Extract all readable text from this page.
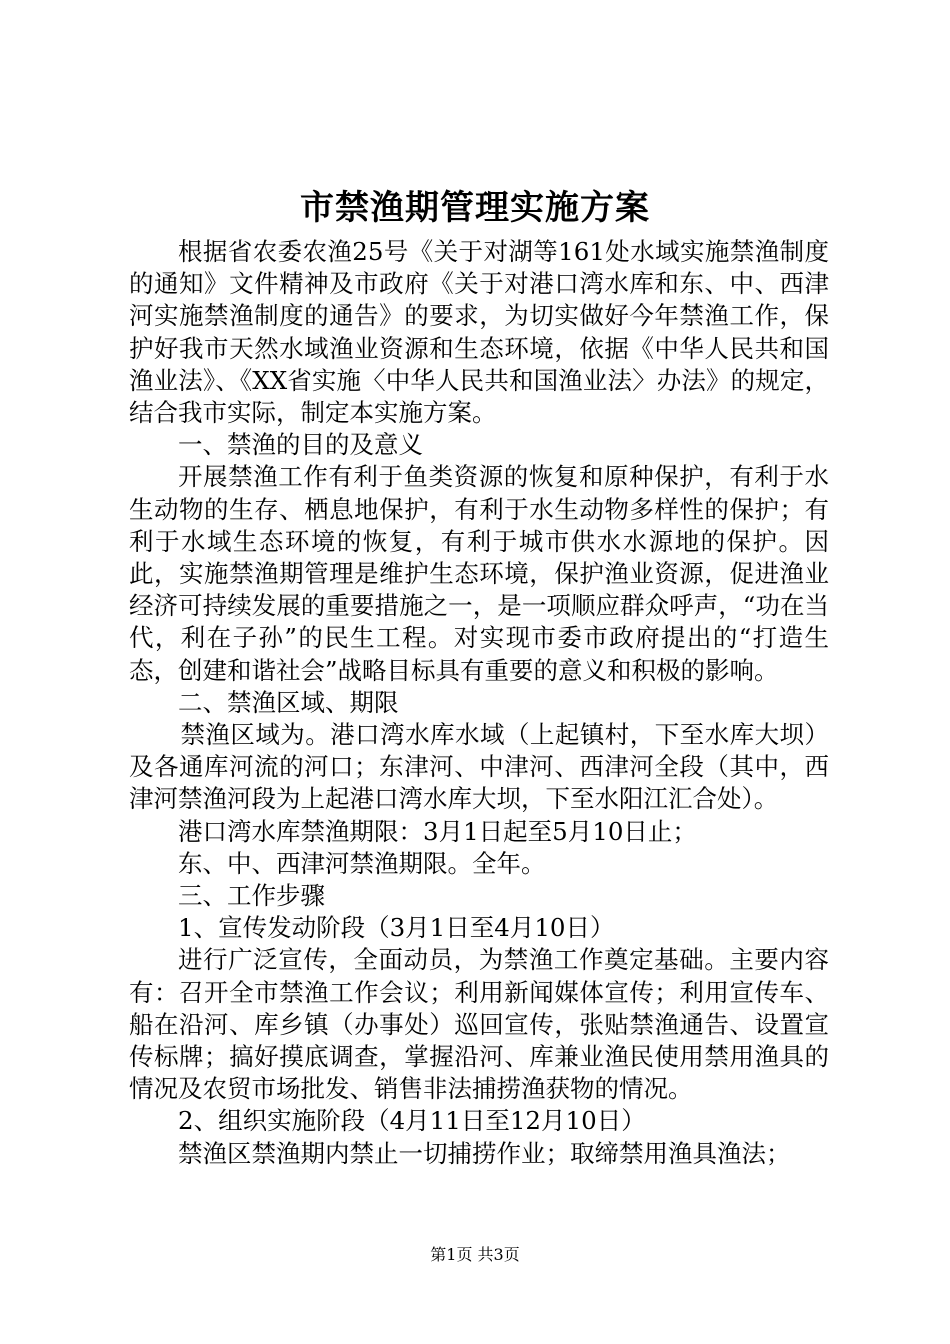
市禁渔期管理实施方案

根据省农委农渔25号《关于对湖等161处水域实施禁渔制度的通知》文件精神及市政府《关于对港口湾水库和东、中、西津河实施禁渔制度的通告》的要求，为切实做好今年禁渔工作，保护好我市天然水域渔业资源和生态环境，依据《中华人民共和国渔业法》、《XX省实施〈中华人民共和国渔业法〉办法》的规定，结合我市实际，制定本实施方案。

一、禁渔的目的及意义

开展禁渔工作有利于鱼类资源的恢复和原种保护，有利于水生动物的生存、栖息地保护，有利于水生动物多样性的保护；有利于水域生态环境的恢复，有利于城市供水水源地的保护。因此，实施禁渔期管理是维护生态环境，保护渔业资源，促进渔业经济可持续发展的重要措施之一，是一项顺应群众呼声，“功在当代，利在子孙”的民生工程。对实现市委市政府提出的“打造生态，创建和谐社会”战略目标具有重要的意义和积极的影响。

二、禁渔区域、期限

禁渔区域为。港口湾水库水域（上起镇村，下至水库大坝）及各通库河流的河口；东津河、中津河、西津河全段（其中，西津河禁渔河段为上起港口湾水库大坝，下至水阳江汇合处）。

港口湾水库禁渔期限：3月1日起至5月10日止；

东、中、西津河禁渔期限。全年。

三、工作步骤

1、宣传发动阶段（3月1日至4月10日）

进行广泛宣传，全面动员，为禁渔工作奠定基础。主要内容有：召开全市禁渔工作会议；利用新闻媒体宣传；利用宣传车、船在沿河、库乡镇（办事处）巡回宣传，张贴禁渔通告、设置宣传标牌；搞好摸底调查，掌握沿河、库兼业渔民使用禁用渔具的情况及农贸市场批发、销售非法捕捞渔获物的情况。

2、组织实施阶段（4月11日至12月10日）

禁渔区禁渔期内禁止一切捕捞作业；取缔禁用渔具渔法；

第1页 共3页
